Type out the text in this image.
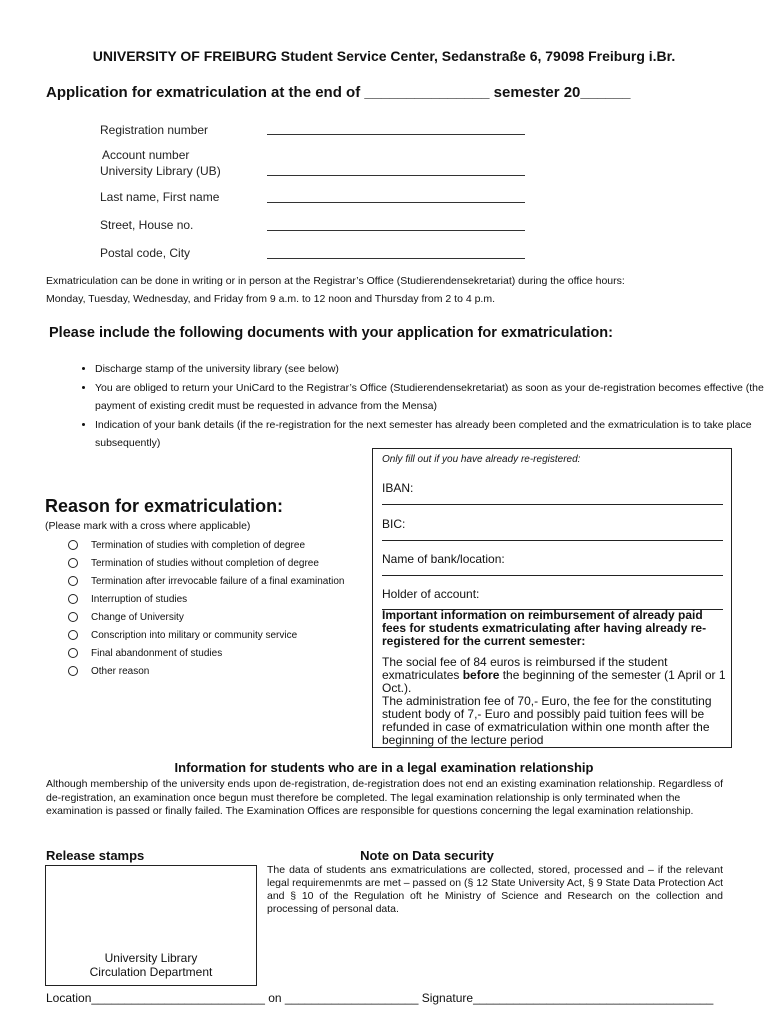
UNIVERSITY OF FREIBURG Student Service Center, Sedanstraße 6, 79098 Freiburg i.Br.
Application for exmatriculation at the end of _______________ semester 20______
Registration number
Account number
University Library (UB)
Last name, First name
Street, House no.
Postal code, City
Exmatriculation can be done in writing or in person at the Registrar’s Office (Studierendensekretariat) during the office hours:
Monday, Tuesday, Wednesday, and Friday from 9 a.m. to 12 noon and Thursday from 2 to 4 p.m.
Please include the following documents with your application for exmatriculation:
• Discharge stamp of the university library (see below)
• You are obliged to return your UniCard to the Registrar’s Office (Studierendensekretariat) as soon as your de-registration becomes effective (the payment of existing credit must be requested in advance from the Mensa)
• Indication of your bank details (if the re-registration for the next semester has already been completed and the exmatriculation is to take place subsequently)
Reason for exmatriculation:
(Please mark with a cross where applicable)
Termination of studies with completion of degree
Termination of studies without completion of degree
Termination after irrevocable failure of a final examination
Interruption of studies
Change of University
Conscription into military or community service
Final abandonment of studies
Other reason
Only fill out if you have already re-registered:
IBAN:
BIC:
Name of bank/location:
Holder of account:
Important information on reimbursement of already paid fees for students exmatriculating after having already re-registered for the current semester:
The social fee of 84 euros is reimbursed if the student exmatriculates before the beginning of the semester (1 April or 1 Oct.).
The administration fee of 70,- Euro, the fee for the constituting student body of 7,- Euro and possibly paid tuition fees will be refunded in case of exmatriculation within one month after the beginning of the lecture period
Information for students who are in a legal examination relationship
Although membership of the university ends upon de-registration, de-registration does not end an existing examination relationship. Regardless of de-registration, an examination once begun must therefore be completed. The legal examination relationship is only terminated when the examination is passed or finally failed. The Examination Offices are responsible for questions concerning the legal examination relationship.
Release stamps	Note on Data security
University Library
Circulation Department
The data of students ans exmatriculations are collected, stored, processed and – if the relevant legal requiremenmts are met – passed on (§ 12 State University Act, § 9 State Data Protection Act and § 10 of the Regulation oft he Ministry of Science and Research on the collection and processing of personal data.
Location__________________________ on ____________________ Signature____________________________________
